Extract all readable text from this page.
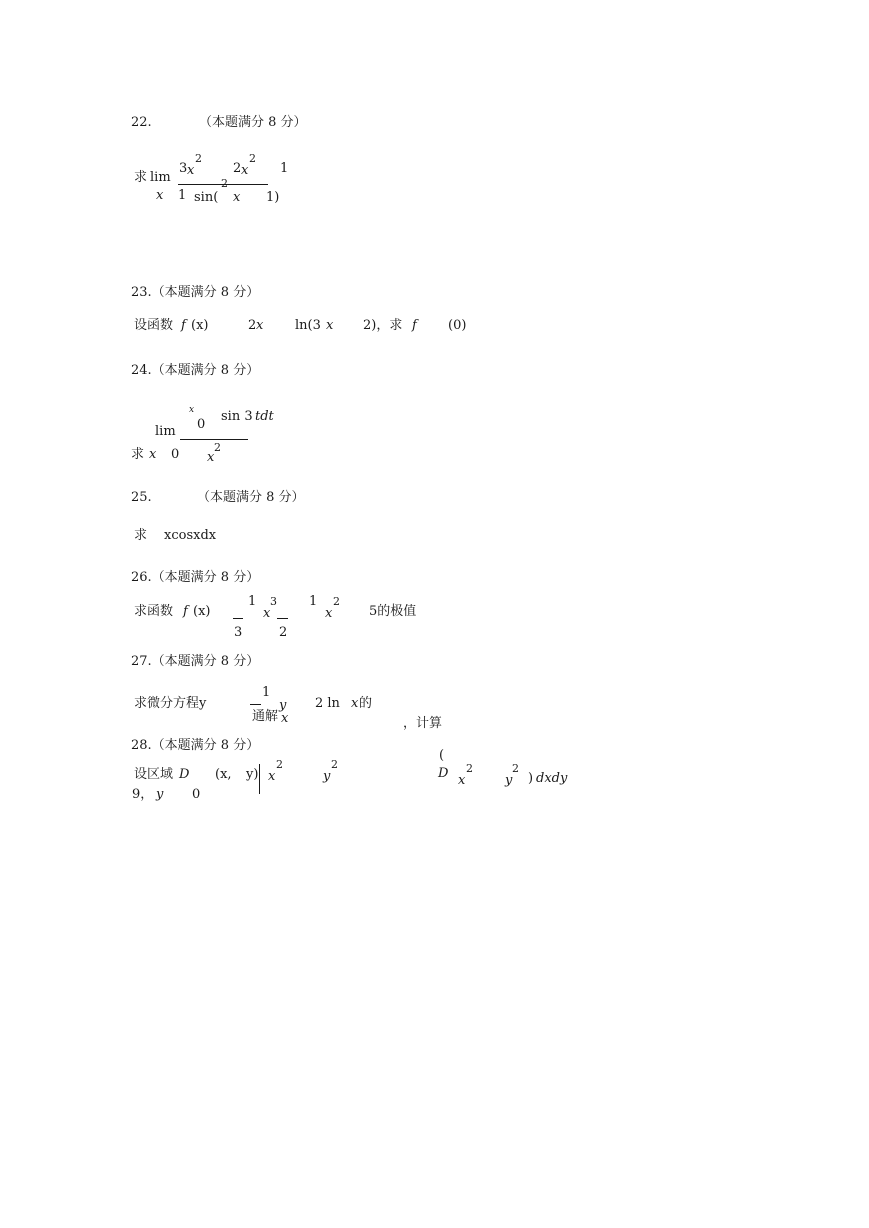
22.	（本题满分 8 分）
求 lim
x 1
3 x
2
2 x
2
1
2
sin( x 1)
23.（本题满分 8 分）
设函数 f (x)	2 x ln(3 x 2)，求 f (0)
24.（本题满分 8 分）
x
0
sin 3 tdt
lim
求 x 0 x
2
25.	（本题满分 8 分）
求 xcosxdx
26.（本题满分 8 分）
求函数 f (x)
1
3
x
3 1
2
x
2
5的极值
27.（本题满分 8 分）
求微分方程y
1
y 2 ln x 的
通解 x	，计算
28.（本题满分 8 分）
设区域 D (x, y) x
2
y
2
(
D x
2
y
2
) dxdy
9， y 0
